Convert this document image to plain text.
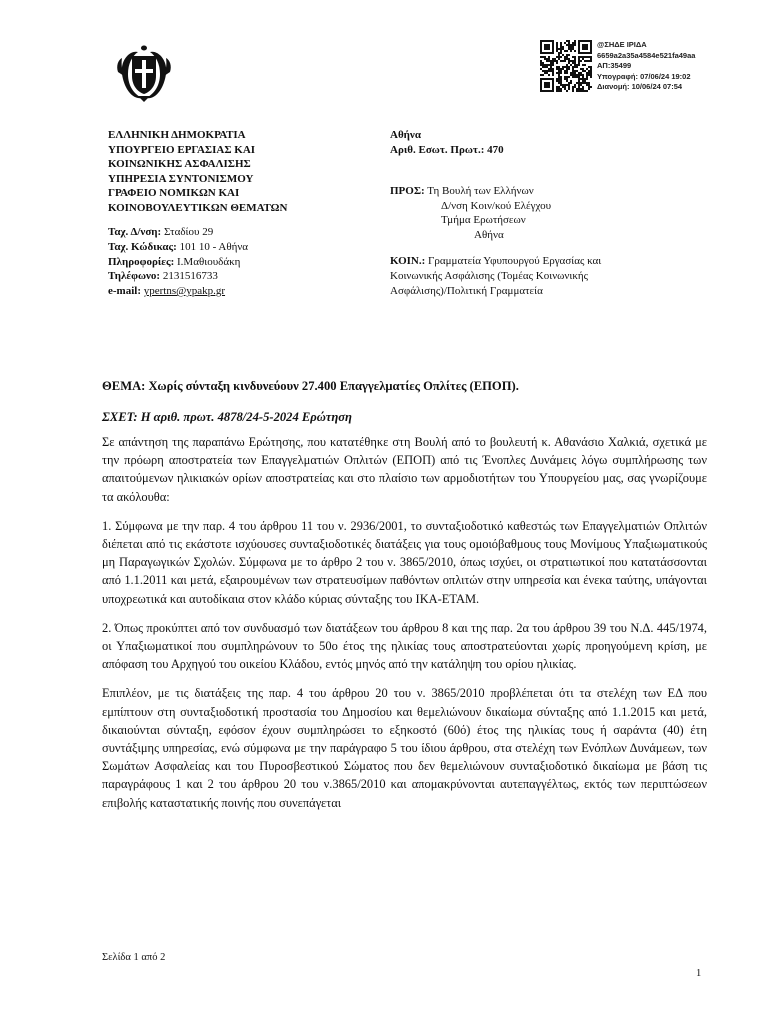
@ΣΗΔΕ ΙΡΙΔΑ
6659a2a35a4584e521fa49aa
ΑΠ:35499
Υπογραφή: 07/06/24 19:02
Διανομή: 10/06/24 07:54
ΕΛΛΗΝΙΚΗ ΔΗΜΟΚΡΑΤΙΑ
ΥΠΟΥΡΓΕΙΟ ΕΡΓΑΣΙΑΣ ΚΑΙ
ΚΟΙΝΩΝΙΚΗΣ ΑΣΦΑΛΙΣΗΣ
ΥΠΗΡΕΣΙΑ ΣΥΝΤΟΝΙΣΜΟΥ
ΓΡΑΦΕΙΟ ΝΟΜΙΚΩΝ ΚΑΙ
ΚΟΙΝΟΒΟΥΛΕΥΤΙΚΩΝ ΘΕΜΑΤΩΝ
Ταχ. Δ/νση: Σταδίου 29
Ταχ. Κώδικας: 101 10 - Αθήνα
Πληροφορίες: Ι.Μαθιουδάκη
Τηλέφωνο: 2131516733
e-mail: ypertns@ypakp.gr
Αθήνα
Αριθ. Εσωτ. Πρωτ.: 470
ΠΡΟΣ: Τη Βουλή των Ελλήνων
Δ/νση Κοιν/κού Ελέγχου
Τμήμα Ερωτήσεων
Αθήνα
ΚΟΙΝ.: Γραμματεία Υφυπουργού Εργασίας και
Κοινωνικής Ασφάλισης (Τομέας Κοινωνικής
Ασφάλισης)/Πολιτική Γραμματεία
ΘΕΜΑ: Χωρίς σύνταξη κινδυνεύουν 27.400 Επαγγελματίες Οπλίτες (ΕΠΟΠ).
ΣΧΕΤ: Η αριθ. πρωτ. 4878/24-5-2024 Ερώτηση

Σε απάντηση της παραπάνω Ερώτησης, που κατατέθηκε στη Βουλή από το βουλευτή κ. Αθανάσιο Χαλκιά, σχετικά με την πρόωρη αποστρατεία των Επαγγελματιών Οπλιτών (ΕΠΟΠ) από τις Ένοπλες Δυνάμεις λόγω συμπλήρωσης των απαιτούμενων ηλικιακών ορίων αποστρατείας και στο πλαίσιο των αρμοδιοτήτων του Υπουργείου μας, σας γνωρίζουμε τα ακόλουθα:

1. Σύμφωνα με την παρ. 4 του άρθρου 11 του ν. 2936/2001, το συνταξιοδοτικό καθεστώς των Επαγγελματιών Οπλιτών διέπεται από τις εκάστοτε ισχύουσες συνταξιοδοτικές διατάξεις για τους ομοιόβαθμους τους Μονίμους Υπαξιωματικούς μη Παραγωγικών Σχολών. Σύμφωνα με το άρθρο 2 του ν. 3865/2010, όπως ισχύει, οι στρατιωτικοί που κατατάσσονται από 1.1.2011 και μετά, εξαιρουμένων των στρατευσίμων παθόντων οπλιτών στην υπηρεσία και ένεκα ταύτης, υπάγονται υποχρεωτικά και αυτοδίκαια στον κλάδο κύριας σύνταξης του ΙΚΑ-ΕΤΑΜ.

2. Όπως προκύπτει από τον συνδυασμό των διατάξεων του άρθρου 8 και της παρ. 2α του άρθρου 39 του Ν.Δ. 445/1974, οι Υπαξιωματικοί που συμπληρώνουν το 50ο έτος της ηλικίας τους αποστρατεύονται χωρίς προηγούμενη κρίση, με απόφαση του Αρχηγού του οικείου Κλάδου, εντός μηνός από την κατάληψη του ορίου ηλικίας.

Επιπλέον, με τις διατάξεις της παρ. 4 του άρθρου 20 του ν. 3865/2010 προβλέπεται ότι τα στελέχη των ΕΔ που εμπίπτουν στη συνταξιοδοτική προστασία του Δημοσίου και θεμελιώνουν δικαίωμα σύνταξης από 1.1.2015 και μετά, δικαιούνται σύνταξη, εφόσον έχουν συμπληρώσει το εξηκοστό (60ό) έτος της ηλικίας τους ή σαράντα (40) έτη συντάξιμης υπηρεσίας, ενώ σύμφωνα με την παράγραφο 5 του ίδιου άρθρου, στα στελέχη των Ενόπλων Δυνάμεων, των Σωμάτων Ασφαλείας και του Πυροσβεστικού Σώματος που δεν θεμελιώνουν συνταξιοδοτικό δικαίωμα με βάση τις παραγράφους 1 και 2 του άρθρου 20 του ν.3865/2010 και απομακρύνονται αυτεπαγγέλτως, εκτός των περιπτώσεων επιβολής καταστατικής ποινής που συνεπάγεται

Σελίδα 1 από 2
1
